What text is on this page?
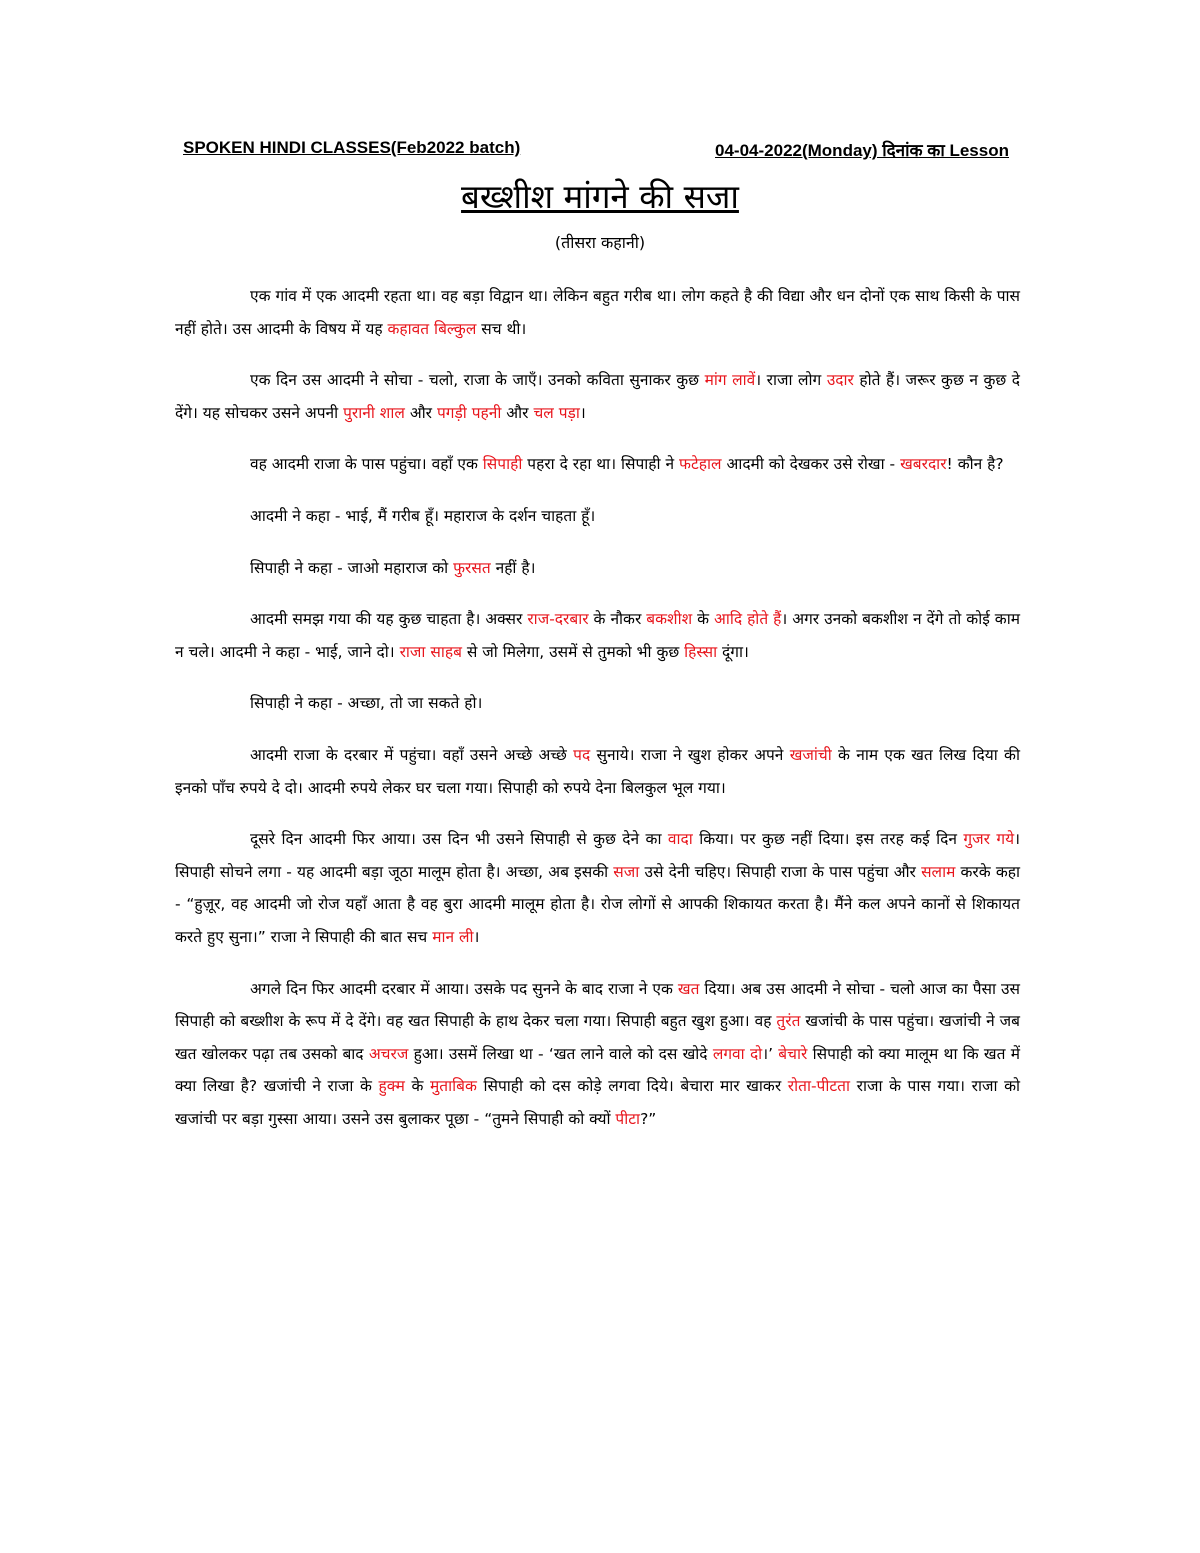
SPOKEN HINDI CLASSES(Feb2022 batch)	04-04-2022(Monday) दिनांक का Lesson
बख्शीश मांगने की सजा
(तीसरा कहानी)

एक गांव में एक आदमी रहता था। वह बड़ा विद्वान था। लेकिन बहुत गरीब था। लोग कहते है की विद्या और धन दोनों एक साथ किसी के पास नहीं होते। उस आदमी के विषय में यह कहावत बिल्कुल सच थी।

एक दिन उस आदमी ने सोचा - चलो, राजा के जाएँ। उनको कविता सुनाकर कुछ मांग लावें। राजा लोग उदार होते हैं। जरूर कुछ न कुछ दे देंगे। यह सोचकर उसने अपनी पुरानी शाल और पगड़ी पहनी और चल पड़ा।

वह आदमी राजा के पास पहुंचा। वहाँ एक सिपाही पहरा दे रहा था। सिपाही ने फटेहाल आदमी को देखकर उसे रोखा - खबरदार! कौन है?

आदमी ने कहा - भाई, मैं गरीब हूँ। महाराज के दर्शन चाहता हूँ।

सिपाही ने कहा - जाओ महाराज को फुरसत नहीं है।

आदमी समझ गया की यह कुछ चाहता है। अक्सर राज-दरबार के नौकर बकशीश के आदि होते हैं। अगर उनको बकशीश न देंगे तो कोई काम न चले। आदमी ने कहा - भाई, जाने दो। राजा साहब से जो मिलेगा, उसमें से तुमको भी कुछ हिस्सा दूंगा।

सिपाही ने कहा - अच्छा, तो जा सकते हो।

आदमी राजा के दरबार में पहुंचा। वहाँ उसने अच्छे अच्छे पद सुनाये। राजा ने खुश होकर अपने खजांची के नाम एक खत लिख दिया की इनको पाँच रुपये दे दो। आदमी रुपये लेकर घर चला गया। सिपाही को रुपये देना बिलकुल भूल गया।

दूसरे दिन आदमी फिर आया। उस दिन भी उसने सिपाही से कुछ देने का वादा किया। पर कुछ नहीं दिया। इस तरह कई दिन गुजर गये। सिपाही सोचने लगा - यह आदमी बड़ा जूठा मालूम होता है। अच्छा, अब इसकी सजा उसे देनी चहिए। सिपाही राजा के पास पहुंचा और सलाम करके कहा - “हुज़ूर, वह आदमी जो रोज यहाँ आता है वह बुरा आदमी मालूम होता है। रोज लोगों से आपकी शिकायत करता है। मैंने कल अपने कानों से शिकायत करते हुए सुना।” राजा ने सिपाही की बात सच मान ली।

अगले दिन फिर आदमी दरबार में आया। उसके पद सुनने के बाद राजा ने एक खत दिया। अब उस आदमी ने सोचा - चलो आज का पैसा उस सिपाही को बख्शीश के रूप में दे देंगे। वह खत सिपाही के हाथ देकर चला गया। सिपाही बहुत खुश हुआ। वह तुरंत खजांची के पास पहुंचा। खजांची ने जब खत खोलकर पढ़ा तब उसको बाद अचरज हुआ। उसमें लिखा था - ‘खत लाने वाले को दस खोदे लगवा दो।’ बेचारे सिपाही को क्या मालूम था कि खत में क्या लिखा है? खजांची ने राजा के हुक्म के मुताबिक सिपाही को दस कोड़े लगवा दिये। बेचारा मार खाकर रोता-पीटता राजा के पास गया। राजा को खजांची पर बड़ा गुस्सा आया। उसने उस बुलाकर पूछा - “तुमने सिपाही को क्यों पीटा?”
